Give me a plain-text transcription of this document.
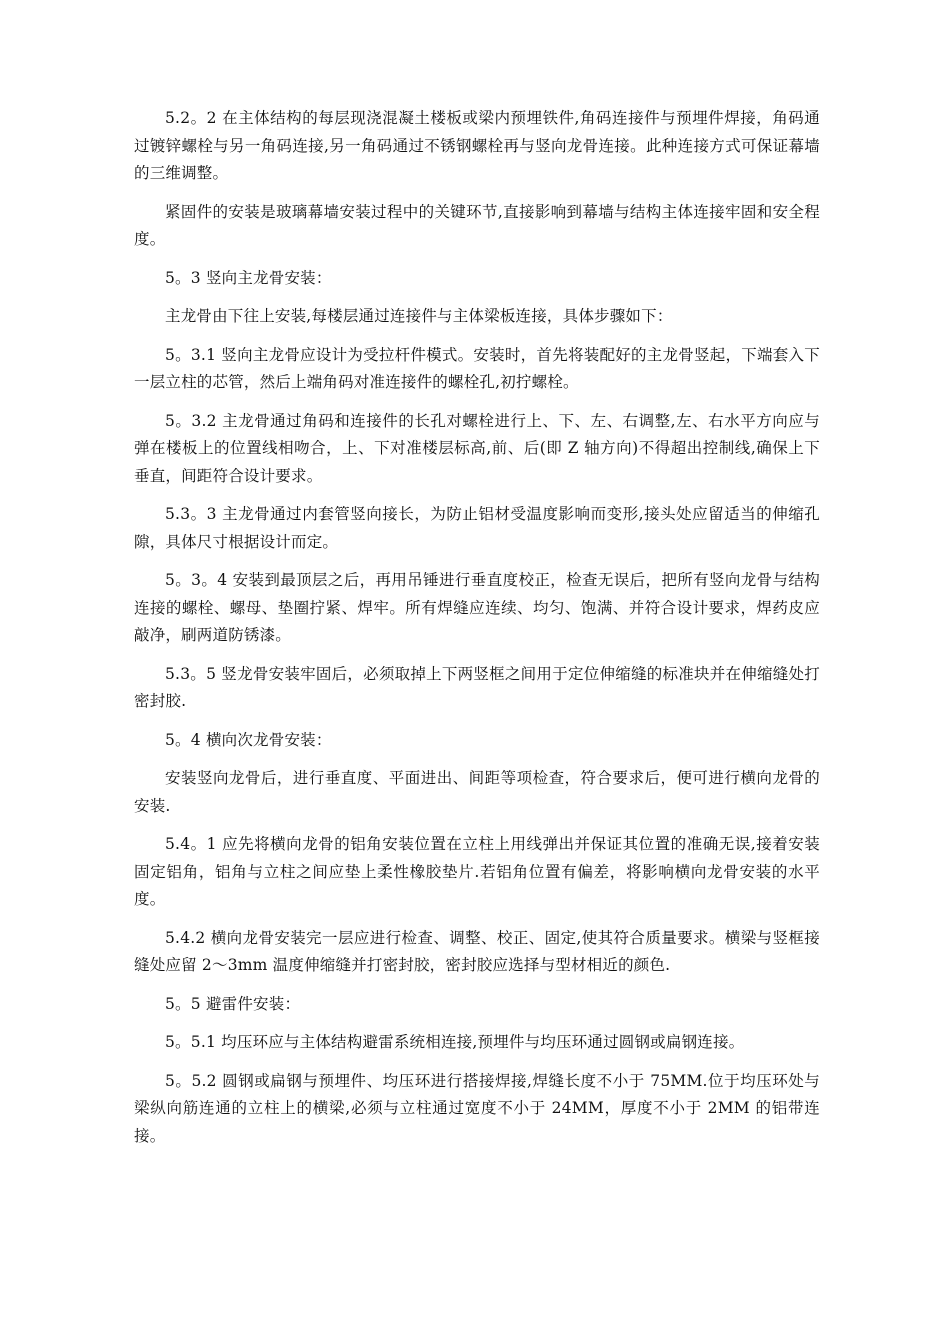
5.2。2 在主体结构的每层现浇混凝土楼板或梁内预埋铁件,角码连接件与预埋件焊接，角码通过镀锌螺栓与另一角码连接,另一角码通过不锈钢螺栓再与竖向龙骨连接。此种连接方式可保证幕墙的三维调整。

紧固件的安装是玻璃幕墙安装过程中的关键环节,直接影响到幕墙与结构主体连接牢固和安全程度。

5。3 竖向主龙骨安装：

主龙骨由下往上安装,每楼层通过连接件与主体梁板连接，具体步骤如下：

5。3.1 竖向主龙骨应设计为受拉杆件模式。安装时，首先将装配好的主龙骨竖起，下端套入下一层立柱的芯管，然后上端角码对准连接件的螺栓孔,初拧螺栓。

5。3.2 主龙骨通过角码和连接件的长孔对螺栓进行上、下、左、右调整,左、右水平方向应与弹在楼板上的位置线相吻合，上、下对准楼层标高,前、后(即 Z 轴方向)不得超出控制线,确保上下垂直，间距符合设计要求。

5.3。3 主龙骨通过内套管竖向接长，为防止铝材受温度影响而变形,接头处应留适当的伸缩孔隙，具体尺寸根据设计而定。

5。3。4 安装到最顶层之后，再用吊锤进行垂直度校正，检查无误后，把所有竖向龙骨与结构连接的螺栓、螺母、垫圈拧紧、焊牢。所有焊缝应连续、均匀、饱满、并符合设计要求，焊药皮应敲净，刷两道防锈漆。

5.3。5 竖龙骨安装牢固后，必须取掉上下两竖框之间用于定位伸缩缝的标准块并在伸缩缝处打密封胶.

5。4 横向次龙骨安装：

安装竖向龙骨后，进行垂直度、平面进出、间距等项检查，符合要求后，便可进行横向龙骨的安装.

5.4。1 应先将横向龙骨的铝角安装位置在立柱上用线弹出并保证其位置的准确无误,接着安装固定铝角，铝角与立柱之间应垫上柔性橡胶垫片.若铝角位置有偏差，将影响横向龙骨安装的水平度。

5.4.2 横向龙骨安装完一层应进行检查、调整、校正、固定,使其符合质量要求。横梁与竖框接缝处应留 2～3mm 温度伸缩缝并打密封胶，密封胶应选择与型材相近的颜色.

5。5 避雷件安装：

5。5.1 均压环应与主体结构避雷系统相连接,预埋件与均压环通过圆钢或扁钢连接。

5。5.2 圆钢或扁钢与预埋件、均压环进行搭接焊接,焊缝长度不小于 75MM.位于均压环处与梁纵向筋连通的立柱上的横梁,必须与立柱通过宽度不小于 24MM，厚度不小于 2MM 的铝带连接。
